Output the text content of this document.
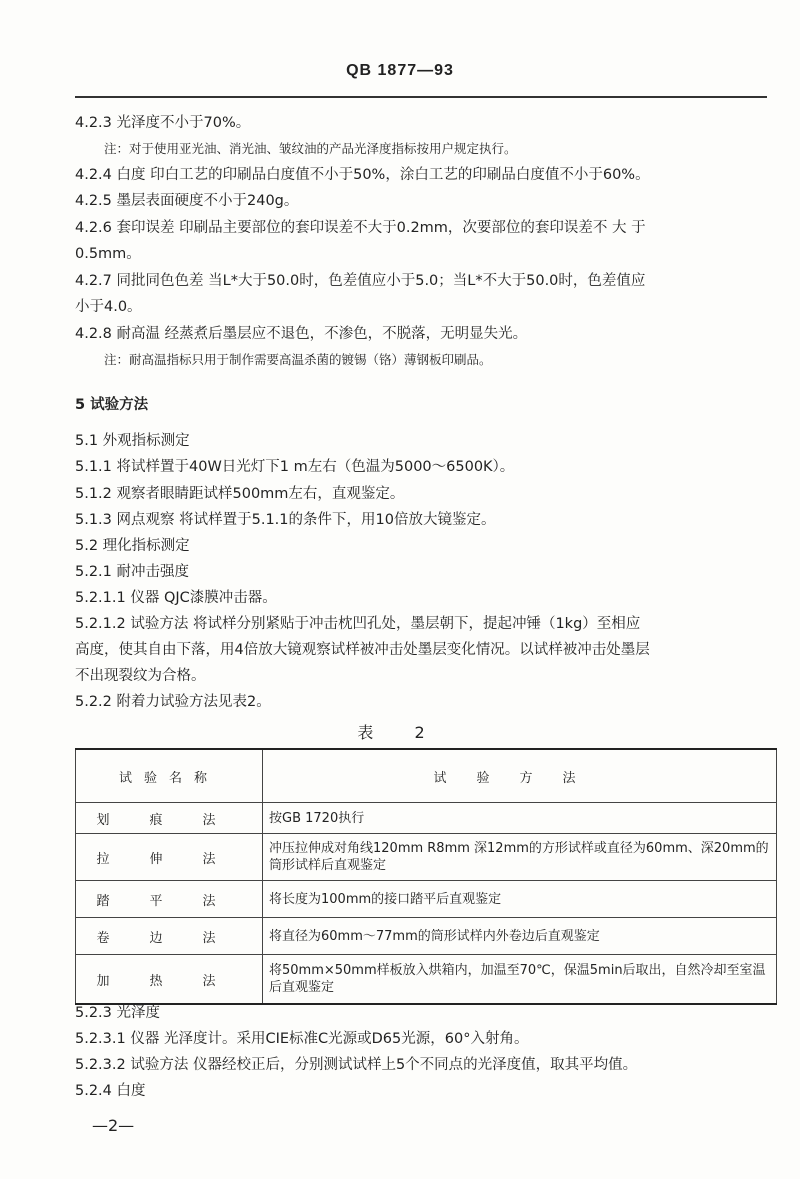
QB 1877—93
4.2.3 光泽度不小于70%。
注：对于使用亚光油、消光油、皱纹油的产品光泽度指标按用户规定执行。
4.2.4 白度 印白工艺的印刷品白度值不小于50%，涂白工艺的印刷品白度值不小于60%。
4.2.5 墨层表面硬度不小于240g。
4.2.6 套印误差 印刷品主要部位的套印误差不大于0.2mm，次要部位的套印误差不 大 于
0.5mm。
4.2.7 同批同色色差 当L*大于50.0时，色差值应小于5.0；当L*不大于50.0时，色差值应
小于4.0。
4.2.8 耐高温 经蒸煮后墨层应不退色，不渗色，不脱落，无明显失光。
注：耐高温指标只用于制作需要高温杀菌的镀锡（铬）薄钢板印刷品。
5 试验方法
5.1 外观指标测定
5.1.1 将试样置于40W日光灯下1 m左右（色温为5000～6500K）。
5.1.2 观察者眼睛距试样500mm左右，直观鉴定。
5.1.3 网点观察 将试样置于5.1.1的条件下，用10倍放大镜鉴定。
5.2 理化指标测定
5.2.1 耐冲击强度
5.2.1.1 仪器 QJC漆膜冲击器。
5.2.1.2 试验方法 将试样分别紧贴于冲击枕凹孔处，墨层朝下，提起冲锤（1kg）至相应
高度，使其自由下落，用4倍放大镜观察试样被冲击处墨层变化情况。以试样被冲击处墨层
不出现裂纹为合格。
5.2.2 附着力试验方法见表2。
表 2
试验名称	试验方法
划痕法	按GB 1720执行
拉伸法	冲压拉伸成对角线120mm R8mm 深12mm的方形试样或直径为60mm、深20mm的筒形试样后直观鉴定
踏平法	将长度为100mm的接口踏平后直观鉴定
卷边法	将直径为60mm～77mm的筒形试样内外卷边后直观鉴定
加热法	将50mm×50mm样板放入烘箱内，加温至70℃，保温5min后取出，自然冷却至室温后直观鉴定
5.2.3 光泽度
5.2.3.1 仪器 光泽度计。采用CIE标准C光源或D65光源，60°入射角。
5.2.3.2 试验方法 仪器经校正后，分别测试试样上5个不同点的光泽度值，取其平均值。
5.2.4 白度
—2—
